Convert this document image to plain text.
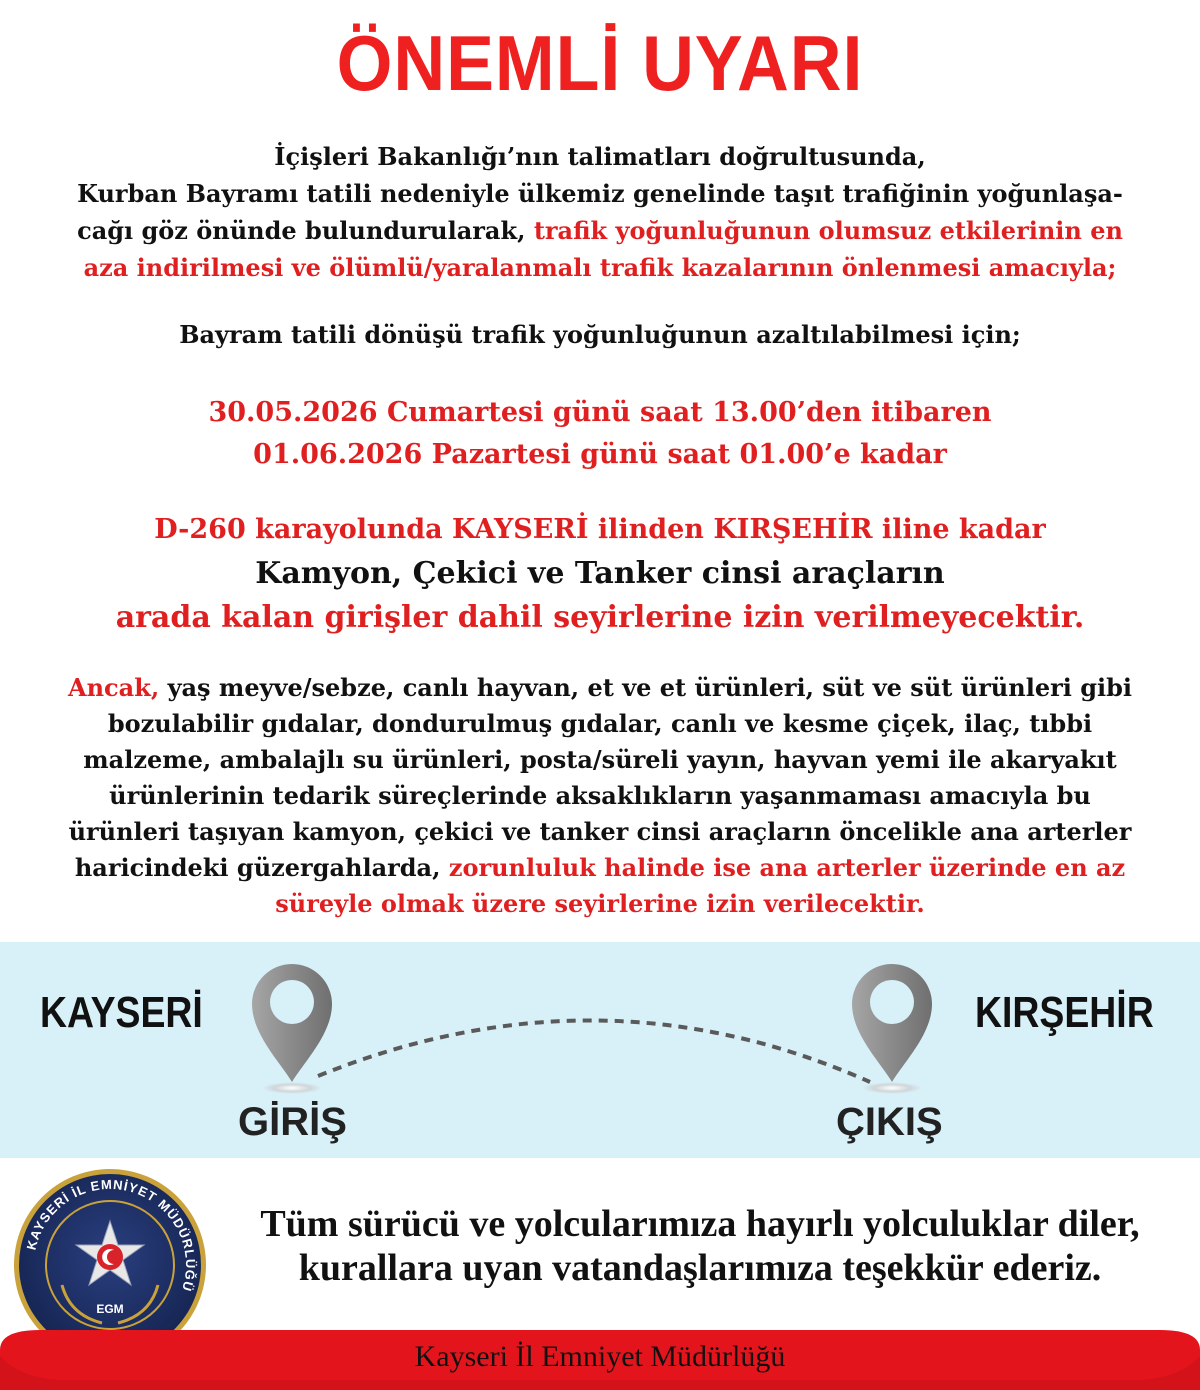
ÖNEMLİ UYARI
İçişleri Bakanlığı’nın talimatları doğrultusunda,
Kurban Bayramı tatili nedeniyle ülkemiz genelinde taşıt trafiğinin yoğunlaşa-
cağı göz önünde bulundurularak, trafik yoğunluğunun olumsuz etkilerinin en
aza indirilmesi ve ölümlü/yaralanmalı trafik kazalarının önlenmesi amacıyla;
Bayram tatili dönüşü trafik yoğunluğunun azaltılabilmesi için;
30.05.2026 Cumartesi günü saat 13.00’den itibaren
01.06.2026 Pazartesi günü saat 01.00’e kadar
D-260 karayolunda KAYSERİ ilinden KIRŞEHİR iline kadar
Kamyon, Çekici ve Tanker cinsi araçların
arada kalan girişler dahil seyirlerine izin verilmeyecektir.
Ancak, yaş meyve/sebze, canlı hayvan, et ve et ürünleri, süt ve süt ürünleri gibi
bozulabilir gıdalar, dondurulmuş gıdalar, canlı ve kesme çiçek, ilaç, tıbbi
malzeme, ambalajlı su ürünleri, posta/süreli yayın, hayvan yemi ile akaryakıt
ürünlerinin tedarik süreçlerinde aksaklıkların yaşanmaması amacıyla bu
ürünleri taşıyan kamyon, çekici ve tanker cinsi araçların öncelikle ana arterler
haricindeki güzergahlarda, zorunluluk halinde ise ana arterler üzerinde en az
süreyle olmak üzere seyirlerine izin verilecektir.
KAYSERİ	KIRŞEHİR
GİRİŞ	ÇIKIŞ
KAYSERİ İL EMNİYET MÜDÜRLÜĞÜ
EGM
Tüm sürücü ve yolcularımıza hayırlı yolculuklar diler,
kurallara uyan vatandaşlarımıza teşekkür ederiz.
Kayseri İl Emniyet Müdürlüğü
